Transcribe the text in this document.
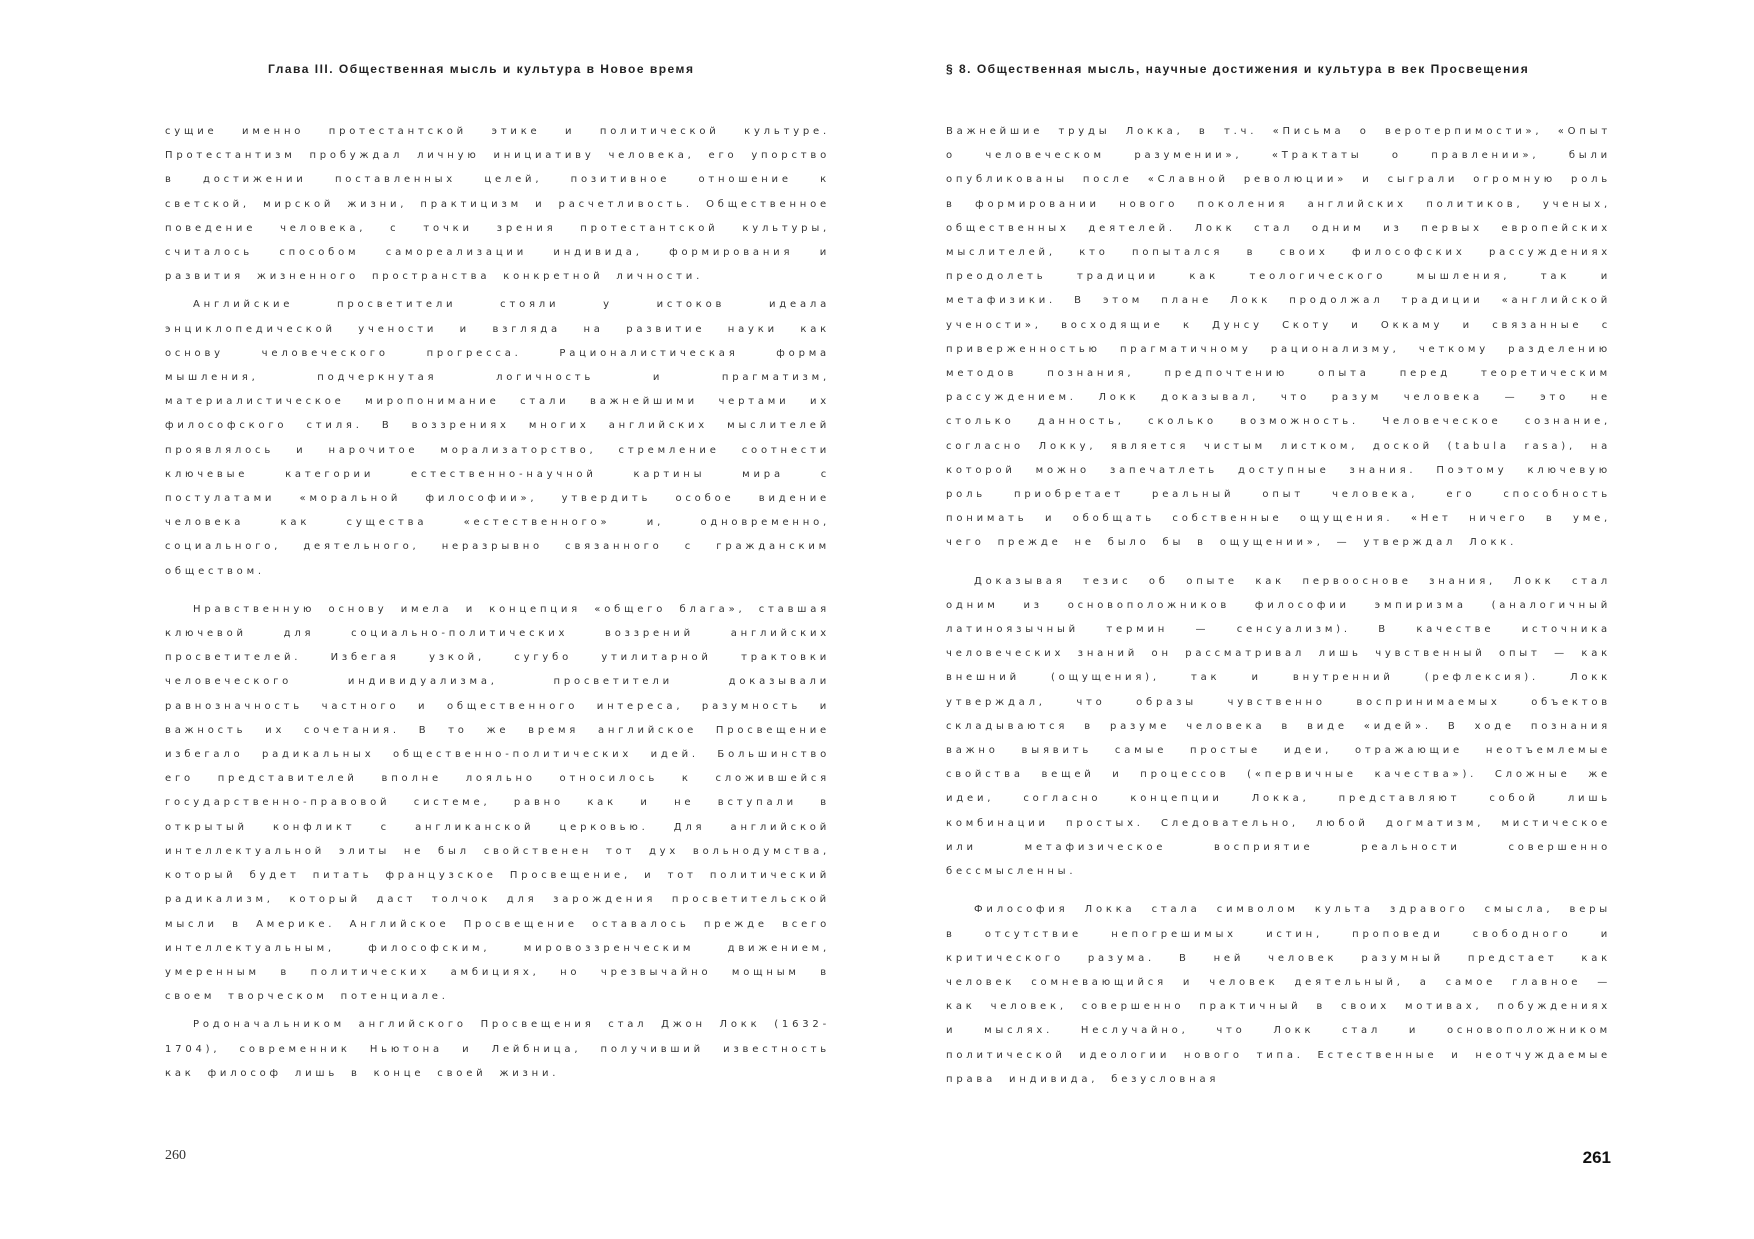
Глава III. Общественная мысль и культура в Новое время

сущие именно протестантской этике и политической культуре. Протестантизм пробуждал личную инициативу человека, его упорство в достижении поставленных целей, позитивное отношение к светской, мирской жизни, практицизм и расчетливость. Общественное поведение человека, с точки зрения протестантской культуры, считалось способом самореализации индивида, формирования и развития жизненного пространства конкретной личности.

Английские просветители стояли у истоков идеала энциклопедической учености и взгляда на развитие науки как основу человеческого прогресса. Рационалистическая форма мышления, подчеркнутая логичность и прагматизм, материалистическое миропонимание стали важнейшими чертами их философского стиля. В воззрениях многих английских мыслителей проявлялось и нарочитое морализаторство, стремление соотнести ключевые категории естественно-научной картины мира с постулатами «моральной философии», утвердить особое видение человека как существа «естественного» и, одновременно, социального, деятельного, неразрывно связанного с гражданским обществом.

Нравственную основу имела и концепция «общего блага», ставшая ключевой для социально-политических воззрений английских просветителей. Избегая узкой, сугубо утилитарной трактовки человеческого индивидуализма, просветители доказывали равнозначность частного и общественного интереса, разумность и важность их сочетания. В то же время английское Просвещение избегало радикальных общественно-политических идей. Большинство его представителей вполне лояльно относилось к сложившейся государственно-правовой системе, равно как и не вступали в открытый конфликт с англиканской церковью. Для английской интеллектуальной элиты не был свойственен тот дух вольнодумства, который будет питать французское Просвещение, и тот политический радикализм, который даст толчок для зарождения просветительской мысли в Америке. Английское Просвещение оставалось прежде всего интеллектуальным, философским, мировоззренческим движением, умеренным в политических амбициях, но чрезвычайно мощным в своем творческом потенциале.

Родоначальником английского Просвещения стал Джон Локк (1632-1704), современник Ньютона и Лейбница, получивший известность как философ лишь в конце своей жизни.

260
§ 8. Общественная мысль, научные достижения и культура в век Просвещения

Важнейшие труды Локка, в т.ч. «Письма о веротерпимости», «Опыт о человеческом разумении», «Трактаты о правлении», были опубликованы после «Славной революции» и сыграли огромную роль в формировании нового поколения английских политиков, ученых, общественных деятелей. Локк стал одним из первых европейских мыслителей, кто попытался в своих философских рассуждениях преодолеть традиции как теологического мышления, так и метафизики. В этом плане Локк продолжал традиции «английской учености», восходящие к Дунсу Скоту и Оккаму и связанные с приверженностью прагматичному рационализму, четкому разделению методов познания, предпочтению опыта перед теоретическим рассуждением. Локк доказывал, что разум человека — это не столько данность, сколько возможность. Человеческое сознание, согласно Локку, является чистым листком, доской (tabula rasa), на которой можно запечатлеть доступные знания. Поэтому ключевую роль приобретает реальный опыт человека, его способность понимать и обобщать собственные ощущения. «Нет ничего в уме, чего прежде не было бы в ощущении», — утверждал Локк.

Доказывая тезис об опыте как первооснове знания, Локк стал одним из основоположников философии эмпиризма (аналогичный латиноязычный термин — сенсуализм). В качестве источника человеческих знаний он рассматривал лишь чувственный опыт — как внешний (ощущения), так и внутренний (рефлексия). Локк утверждал, что образы чувственно воспринимаемых объектов складываются в разуме человека в виде «идей». В ходе познания важно выявить самые простые идеи, отражающие неотъемлемые свойства вещей и процессов («первичные качества»). Сложные же идеи, согласно концепции Локка, представляют собой лишь комбинации простых. Следовательно, любой догматизм, мистическое или метафизическое восприятие реальности совершенно бессмысленны.

Философия Локка стала символом культа здравого смысла, веры в отсутствие непогрешимых истин, проповеди свободного и критического разума. В ней человек разумный предстает как человек сомневающийся и человек деятельный, а самое главное — как человек, совершенно практичный в своих мотивах, побуждениях и мыслях. Неслучайно, что Локк стал и основоположником политической идеологии нового типа. Естественные и неотчуждаемые права индивида, безусловная

261
